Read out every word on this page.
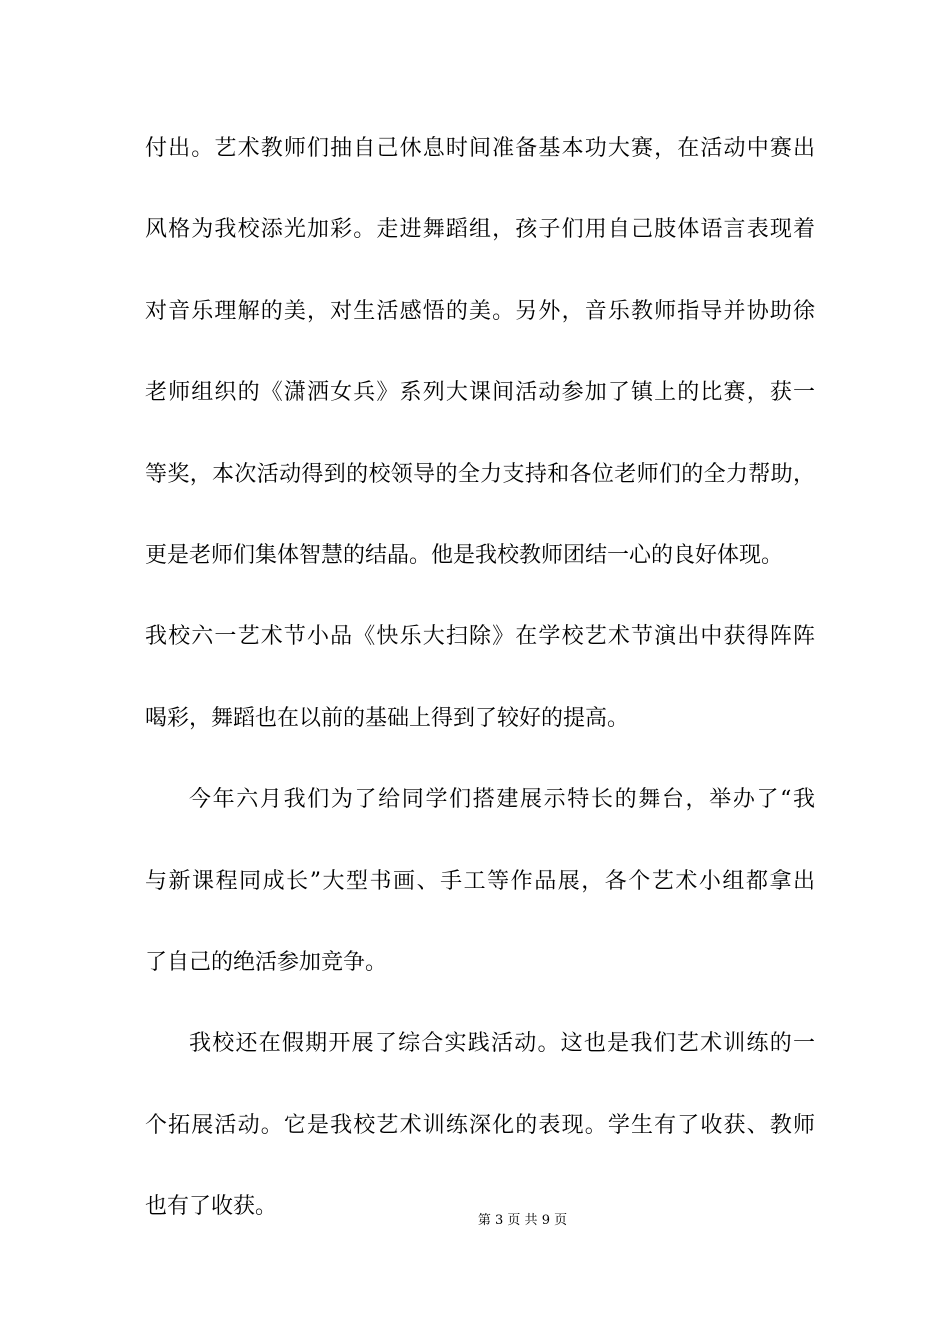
付出。艺术教师们抽自己休息时间准备基本功大赛，在活动中赛出
风格为我校添光加彩。走进舞蹈组，孩子们用自己肢体语言表现着
对音乐理解的美，对生活感悟的美。另外，音乐教师指导并协助徐
老师组织的《潇洒女兵》系列大课间活动参加了镇上的比赛，获一
等奖，本次活动得到的校领导的全力支持和各位老师们的全力帮助，
更是老师们集体智慧的结晶。他是我校教师团结一心的良好体现。
我校六一艺术节小品《快乐大扫除》在学校艺术节演出中获得阵阵
喝彩，舞蹈也在以前的基础上得到了较好的提高。
今年六月我们为了给同学们搭建展示特长的舞台，举办了“我
与新课程同成长”大型书画、手工等作品展，各个艺术小组都拿出
了自己的绝活参加竞争。
我校还在假期开展了综合实践活动。这也是我们艺术训练的一
个拓展活动。它是我校艺术训练深化的表现。学生有了收获、教师
也有了收获。
第 3 页 共 9 页
